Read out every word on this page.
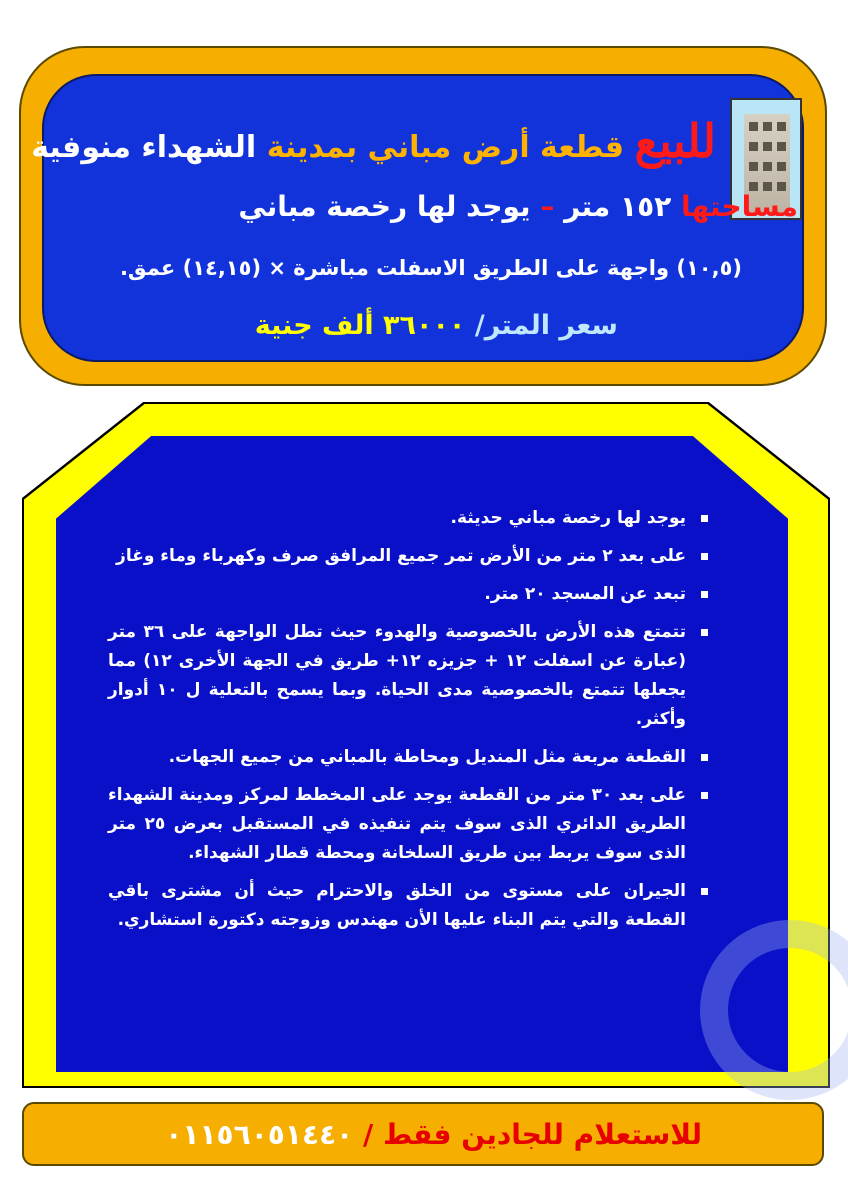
للبيع قطعة أرض مباني بمدينة الشهداء منوفية
مساحتها ١٥٢ متر – يوجد لها رخصة مباني
(١٠,٥) واجهة على الطريق الاسفلت مباشرة × (١٤,١٥) عمق.
سعر المتر/ ٣٦٠٠٠ ألف جنية
يوجد لها رخصة مباني حديثة.
على بعد ٢ متر من الأرض تمر جميع المرافق صرف وكهرباء وماء وغاز
تبعد عن المسجد ٢٠ متر.
تتمتع هذه الأرض بالخصوصية والهدوء حيث تطل الواجهة على ٣٦ متر (عبارة عن اسفلت ١٢ + جزيزه ١٢+ طريق في الجهة الأخرى ١٢) مما يجعلها تتمتع بالخصوصية مدى الحياة. وبما يسمح بالتعلية ل ١٠ أدوار وأكثر.
القطعة مربعة مثل المنديل ومحاطة بالمباني من جميع الجهات.
على بعد ٣٠ متر من القطعة يوجد على المخطط لمركز ومدينة الشهداء الطريق الدائري الذى سوف يتم تنفيذه في المستقبل بعرض ٢٥ متر الذى سوف يربط بين طريق السلخانة ومحطة قطار الشهداء.
الجيران على مستوى من الخلق والاحترام حيث أن مشترى باقي القطعة والتي يتم البناء عليها الأن مهندس وزوجته دكتورة استشاري.
للاستعلام للجادين فقط / ٠١١٥٦٠٥١٤٤٠
